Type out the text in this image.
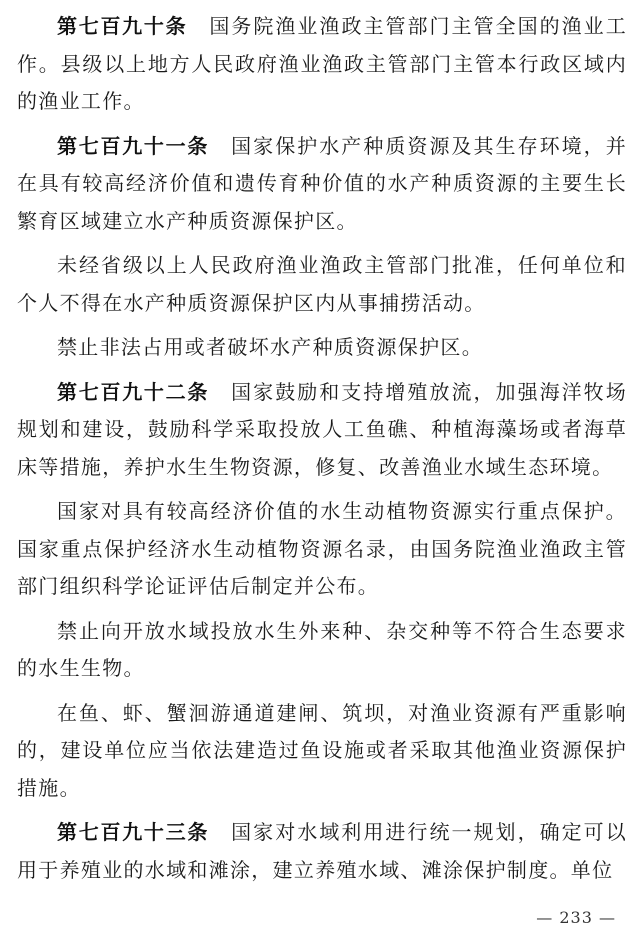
第七百九十条 国务院渔业渔政主管部门主管全国的渔业工作。县级以上地方人民政府渔业渔政主管部门主管本行政区域内的渔业工作。

第七百九十一条 国家保护水产种质资源及其生存环境，并在具有较高经济价值和遗传育种价值的水产种质资源的主要生长繁育区域建立水产种质资源保护区。

未经省级以上人民政府渔业渔政主管部门批准，任何单位和个人不得在水产种质资源保护区内从事捕捞活动。

禁止非法占用或者破坏水产种质资源保护区。

第七百九十二条 国家鼓励和支持增殖放流，加强海洋牧场规划和建设，鼓励科学采取投放人工鱼礁、种植海藻场或者海草床等措施，养护水生生物资源，修复、改善渔业水域生态环境。

国家对具有较高经济价值的水生动植物资源实行重点保护。国家重点保护经济水生动植物资源名录，由国务院渔业渔政主管部门组织科学论证评估后制定并公布。

禁止向开放水域投放水生外来种、杂交种等不符合生态要求的水生生物。

在鱼、虾、蟹洄游通道建闸、筑坝，对渔业资源有严重影响的，建设单位应当依法建造过鱼设施或者采取其他渔业资源保护措施。

第七百九十三条 国家对水域利用进行统一规划，确定可以用于养殖业的水域和滩涂，建立养殖水域、滩涂保护制度。单位

— 233 —
